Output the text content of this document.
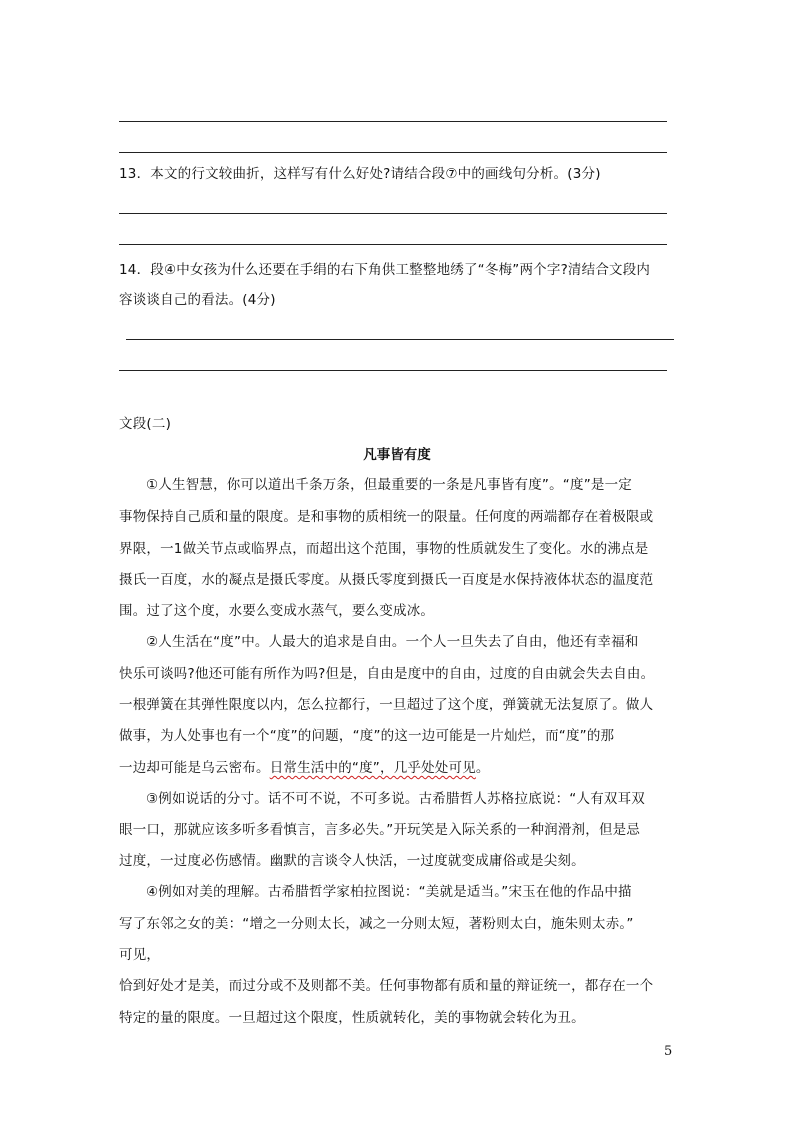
13．本文的行文较曲折，这样写有什么好处?请结合段⑦中的画线句分析。(3分)
14．段④中女孩为什么还要在手绢的右下角供工整整地绣了“冬梅”两个字?清结合文段内
容谈谈自己的看法。(4分)
文段(二)
凡事皆有度
①人生智慧，你可以道出千条万条，但最重要的一条是凡事皆有度”。“度”是一定
事物保持自己质和量的限度。是和事物的质相统一的限量。任何度的两端都存在着极限或
界限，一1做关节点或临界点，而超出这个范围，事物的性质就发生了变化。水的沸点是
摄氏一百度，水的凝点是摄氏零度。从摄氏零度到摄氏一百度是水保持液体状态的温度范
围。过了这个度，水要么变成水蒸气，要么变成冰。
②人生活在“度”中。人最大的追求是自由。一个人一旦失去了自由，他还有幸福和
快乐可谈吗?他还可能有所作为吗?但是，自由是度中的自由，过度的自由就会失去自由。
一根弹簧在其弹性限度以内，怎么拉都行，一旦超过了这个度，弹簧就无法复原了。做人
做事，为人处事也有一个“度”的问题，“度”的这一边可能是一片灿烂，而“度”的那
一边却可能是乌云密布。日常生活中的“度”，几乎处处可见。
③例如说话的分寸。话不可不说，不可多说。古希腊哲人苏格拉底说：“人有双耳双
眼一口，那就应该多听多看慎言，言多必失。”开玩笑是入际关系的一种润滑剂，但是忌
过度，一过度必伤感情。幽默的言谈令人快活，一过度就变成庸俗或是尖刻。
④例如对美的理解。古希腊哲学家柏拉图说：“美就是适当。”宋玉在他的作品中描
写了东邻之女的美：“增之一分则太长，减之一分则太短，著粉则太白，施朱则太赤。”
可见，
恰到好处才是美，而过分或不及则都不美。任何事物都有质和量的辩证统一，都存在一个
特定的量的限度。一旦超过这个限度，性质就转化，美的事物就会转化为丑。
5
